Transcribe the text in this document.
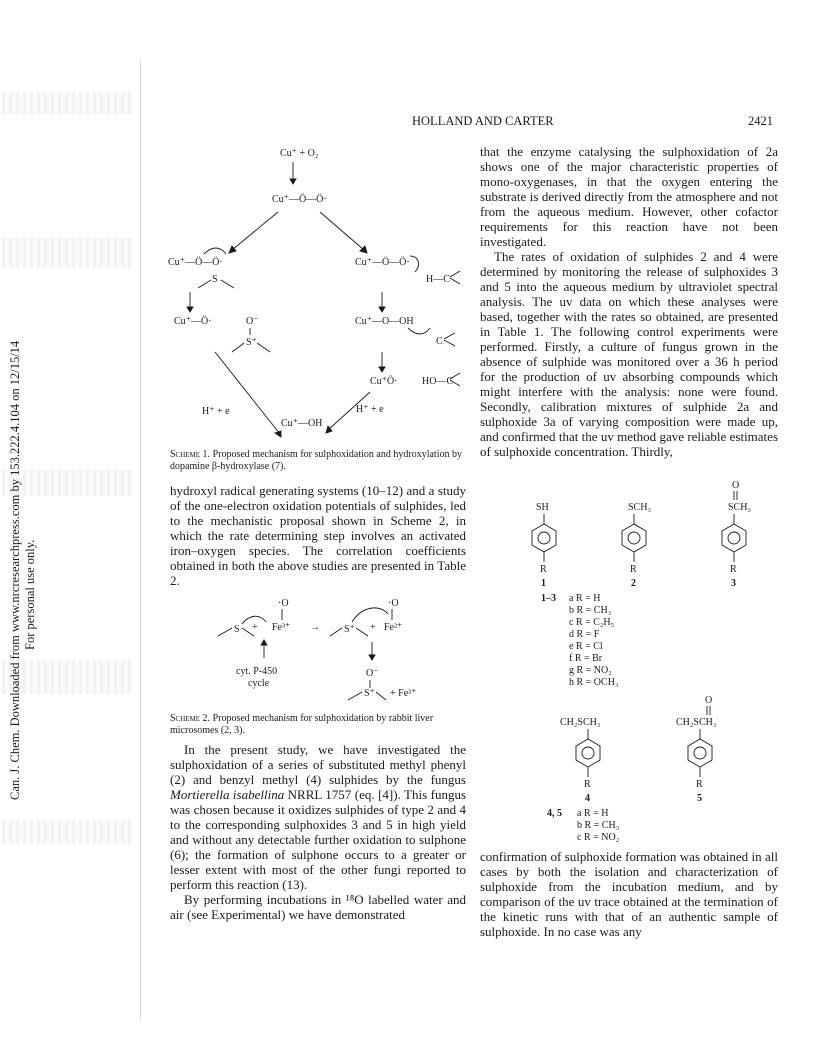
Can. J. Chem. Downloaded from www.nrcresearchpress.com by 153.222.4.104 on 12/15/14 For personal use only.
HOLLAND AND CARTER	2421
Cu⁺ + O₂
Cu⁺—Ö—Ö·
Cu⁺—Ö—Ö·
S
Cu⁺—Ö—Ö·
H—C
Cu⁺—Ö·	O⁻
S⁺
Cu⁺—O—OH
C
H⁺ + e
Cu⁺Ö· HO—C
H⁺ + e
Cu⁺—OH
Scheme 1. Proposed mechanism for sulphoxidation and hydroxylation by dopamine β-hydroxylase (7).

hydroxyl radical generating systems (10–12) and a study of the one-electron oxidation potentials of sulphides, led to the mechanistic proposal shown in Scheme 2, in which the rate determining step involves an activated iron–oxygen species. The correlation coefficients obtained in both the above studies are presented in Table 2.

·O
S + Fe³⁺ → S⁺ +
·O
Fe²⁺
cyt. P-450
cycle
O⁻
S⁺ + Fe³⁺
Scheme 2. Proposed mechanism for sulphoxidation by rabbit liver microsomes (2, 3).

In the present study, we have investigated the sulphoxidation of a series of substituted methyl phenyl (2) and benzyl methyl (4) sulphides by the fungus Mortierella isabellina NRRL 1757 (eq. [4]). This fungus was chosen because it oxidizes sulphides of type 2 and 4 to the corresponding sulphoxides 3 and 5 in high yield and without any detectable further oxidation to sulphone (6); the formation of sulphone occurs to a greater or lesser extent with most of the other fungi reported to perform this reaction (13).

By performing incubations in ¹⁸O labelled water and air (see Experimental) we have demonstrated

that the enzyme catalysing the sulphoxidation of 2a shows one of the major characteristic properties of mono-oxygenases, in that the oxygen entering the substrate is derived directly from the atmosphere and not from the aqueous medium. However, other cofactor requirements for this reaction have not been investigated.

The rates of oxidation of sulphides 2 and 4 were determined by monitoring the release of sulphoxides 3 and 5 into the aqueous medium by ultraviolet spectral analysis. The uv data on which these analyses were based, together with the rates so obtained, are presented in Table 1. The following control experiments were performed. Firstly, a culture of fungus grown in the absence of sulphide was monitored over a 36 h period for the production of uv absorbing compounds which might interfere with the analysis: none were found. Secondly, calibration mixtures of sulphide 2a and sulphoxide 3a of varying composition were made up, and confirmed that the uv method gave reliable estimates of sulphoxide concentration. Thirdly,

SH
R
1
SCH₃
R
2
O
SCH₃
R
3
1–3 a R = H
b R = CH₃
c R = C₂H₅
d R = F
e R = Cl
f R = Br
g R = NO₂
h R = OCH₃
CH₂SCH₃
R
4
O
CH₂SCH₃
R
5
4, 5 a R = H
b R = CH₃
c R = NO₂

confirmation of sulphoxide formation was obtained in all cases by both the isolation and characterization of sulphoxide from the incubation medium, and by comparison of the uv trace obtained at the termination of the kinetic runs with that of an authentic sample of sulphoxide. In no case was any
